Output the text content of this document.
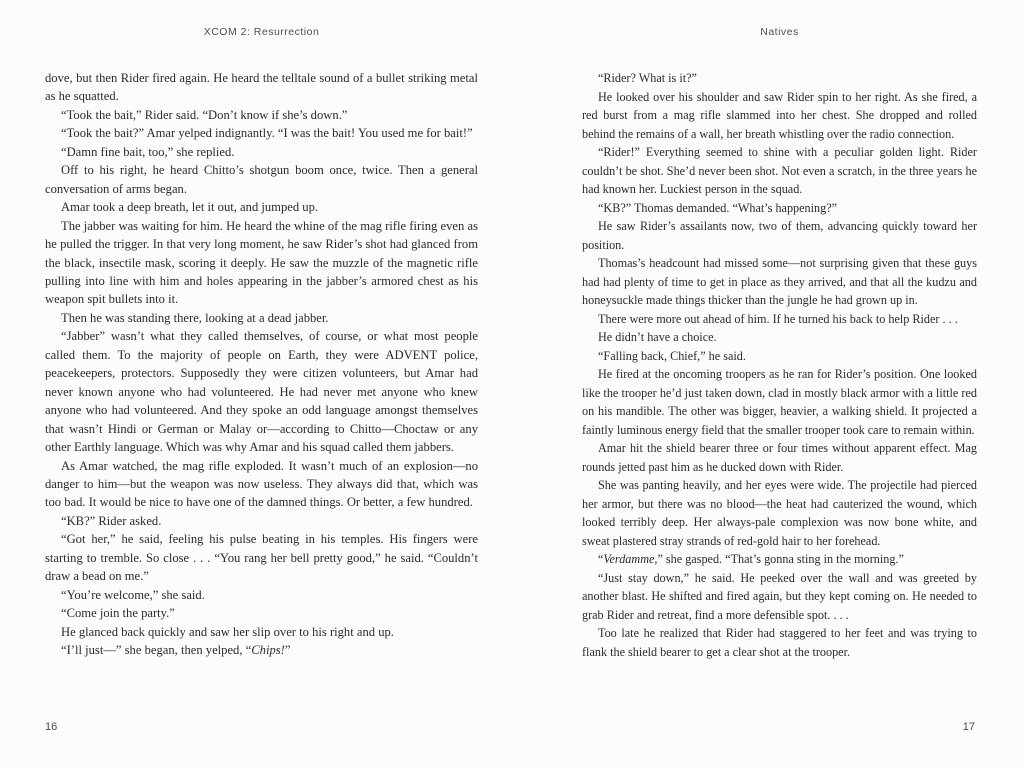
XCOM 2: Resurrection

dove, but then Rider fired again. He heard the telltale sound of a bullet striking metal as he squatted.

“Took the bait,” Rider said. “Don’t know if she’s down.”

“Took the bait?” Amar yelped indignantly. “I was the bait! You used me for bait!”

“Damn fine bait, too,” she replied.

Off to his right, he heard Chitto’s shotgun boom once, twice. Then a general conversation of arms began.

Amar took a deep breath, let it out, and jumped up.

The jabber was waiting for him. He heard the whine of the mag rifle firing even as he pulled the trigger. In that very long moment, he saw Rider’s shot had glanced from the black, insectile mask, scoring it deeply. He saw the muzzle of the magnetic rifle pulling into line with him and holes appearing in the jabber’s armored chest as his weapon spit bullets into it.

Then he was standing there, looking at a dead jabber.

“Jabber” wasn’t what they called themselves, of course, or what most people called them. To the majority of people on Earth, they were ADVENT police, peacekeepers, protectors. Supposedly they were citizen volunteers, but Amar had never known anyone who had volunteered. He had never met anyone who knew anyone who had volunteered. And they spoke an odd language amongst themselves that wasn’t Hindi or German or Malay or—according to Chitto—Choctaw or any other Earthly language. Which was why Amar and his squad called them jabbers.

As Amar watched, the mag rifle exploded. It wasn’t much of an explosion—no danger to him—but the weapon was now useless. They always did that, which was too bad. It would be nice to have one of the damned things. Or better, a few hundred.

“KB?” Rider asked.

“Got her,” he said, feeling his pulse beating in his temples. His fingers were starting to tremble. So close . . . “You rang her bell pretty good,” he said. “Couldn’t draw a bead on me.”

“You’re welcome,” she said.

“Come join the party.”

He glanced back quickly and saw her slip over to his right and up.

“I’ll just—” she began, then yelped, “Chips!”

16
Natives

“Rider? What is it?”

He looked over his shoulder and saw Rider spin to her right. As she fired, a red burst from a mag rifle slammed into her chest. She dropped and rolled behind the remains of a wall, her breath whistling over the radio connection.

“Rider!” Everything seemed to shine with a peculiar golden light. Rider couldn’t be shot. She’d never been shot. Not even a scratch, in the three years he had known her. Luckiest person in the squad.

“KB?” Thomas demanded. “What’s happening?”

He saw Rider’s assailants now, two of them, advancing quickly toward her position.

Thomas’s headcount had missed some—not surprising given that these guys had had plenty of time to get in place as they arrived, and that all the kudzu and honeysuckle made things thicker than the jungle he had grown up in.

There were more out ahead of him. If he turned his back to help Rider . . .

He didn’t have a choice.

“Falling back, Chief,” he said.

He fired at the oncoming troopers as he ran for Rider’s position. One looked like the trooper he’d just taken down, clad in mostly black armor with a little red on his mandible. The other was bigger, heavier, a walking shield. It projected a faintly luminous energy field that the smaller trooper took care to remain within.

Amar hit the shield bearer three or four times without apparent effect. Mag rounds jetted past him as he ducked down with Rider.

She was panting heavily, and her eyes were wide. The projectile had pierced her armor, but there was no blood—the heat had cauterized the wound, which looked terribly deep. Her always-pale complexion was now bone white, and sweat plastered stray strands of red-gold hair to her forehead.

“Verdamme,” she gasped. “That’s gonna sting in the morning.”

“Just stay down,” he said. He peeked over the wall and was greeted by another blast. He shifted and fired again, but they kept coming on. He needed to grab Rider and retreat, find a more defensible spot. . . .

Too late he realized that Rider had staggered to her feet and was trying to flank the shield bearer to get a clear shot at the trooper.

17
